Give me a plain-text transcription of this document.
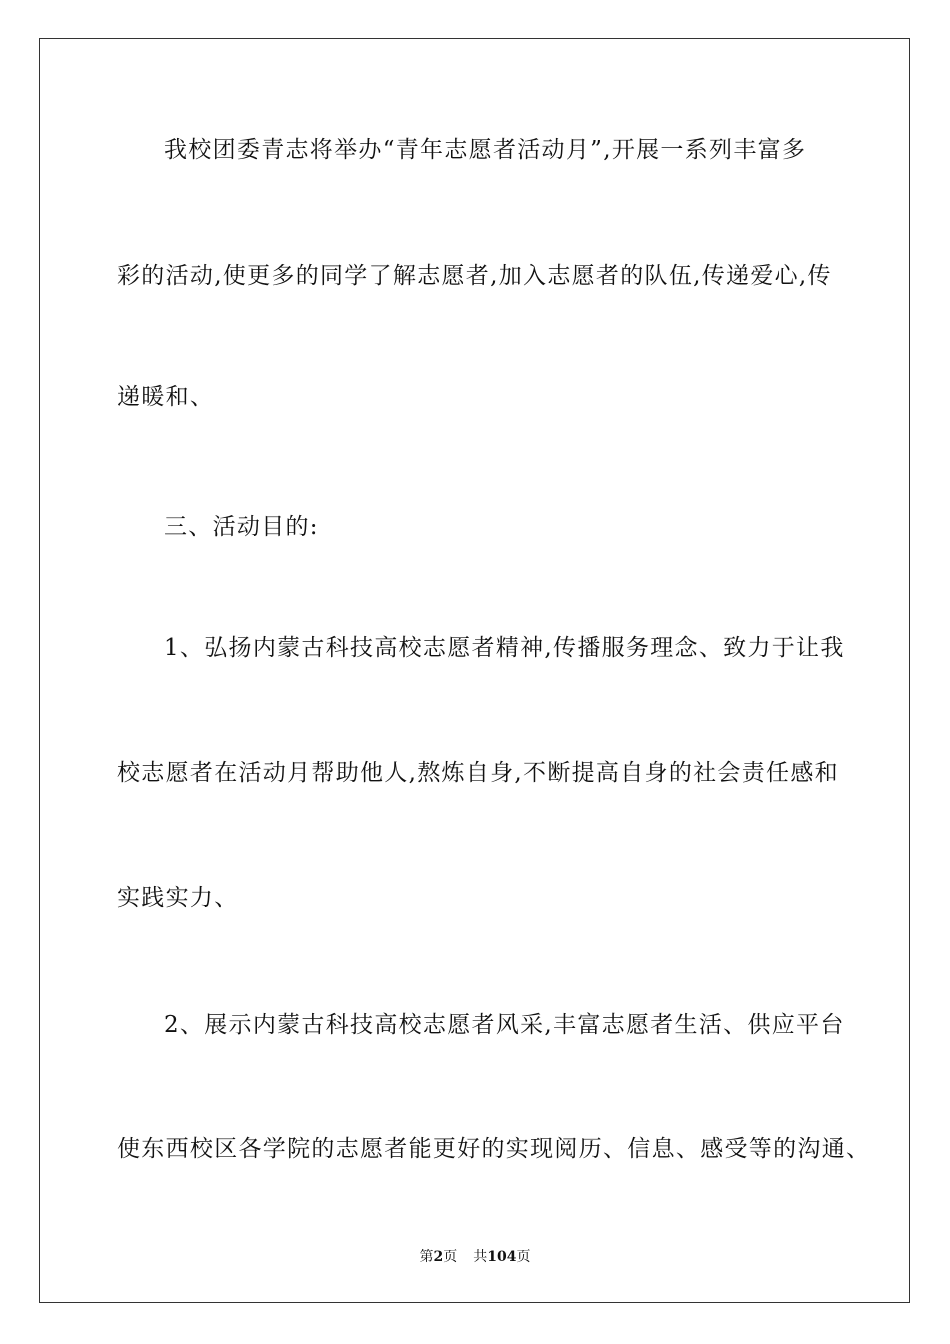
我校团委青志将举办“青年志愿者活动月”,开展一系列丰富多
彩的活动,使更多的同学了解志愿者,加入志愿者的队伍,传递爱心,传
递暖和、
三、活动目的:
1、弘扬内蒙古科技高校志愿者精神,传播服务理念、致力于让我
校志愿者在活动月帮助他人,熬炼自身,不断提高自身的社会责任感和
实践实力、
2、展示内蒙古科技高校志愿者风采,丰富志愿者生活、供应平台
使东西校区各学院的志愿者能更好的实现阅历、信息、感受等的沟通、
第2页 共104页
